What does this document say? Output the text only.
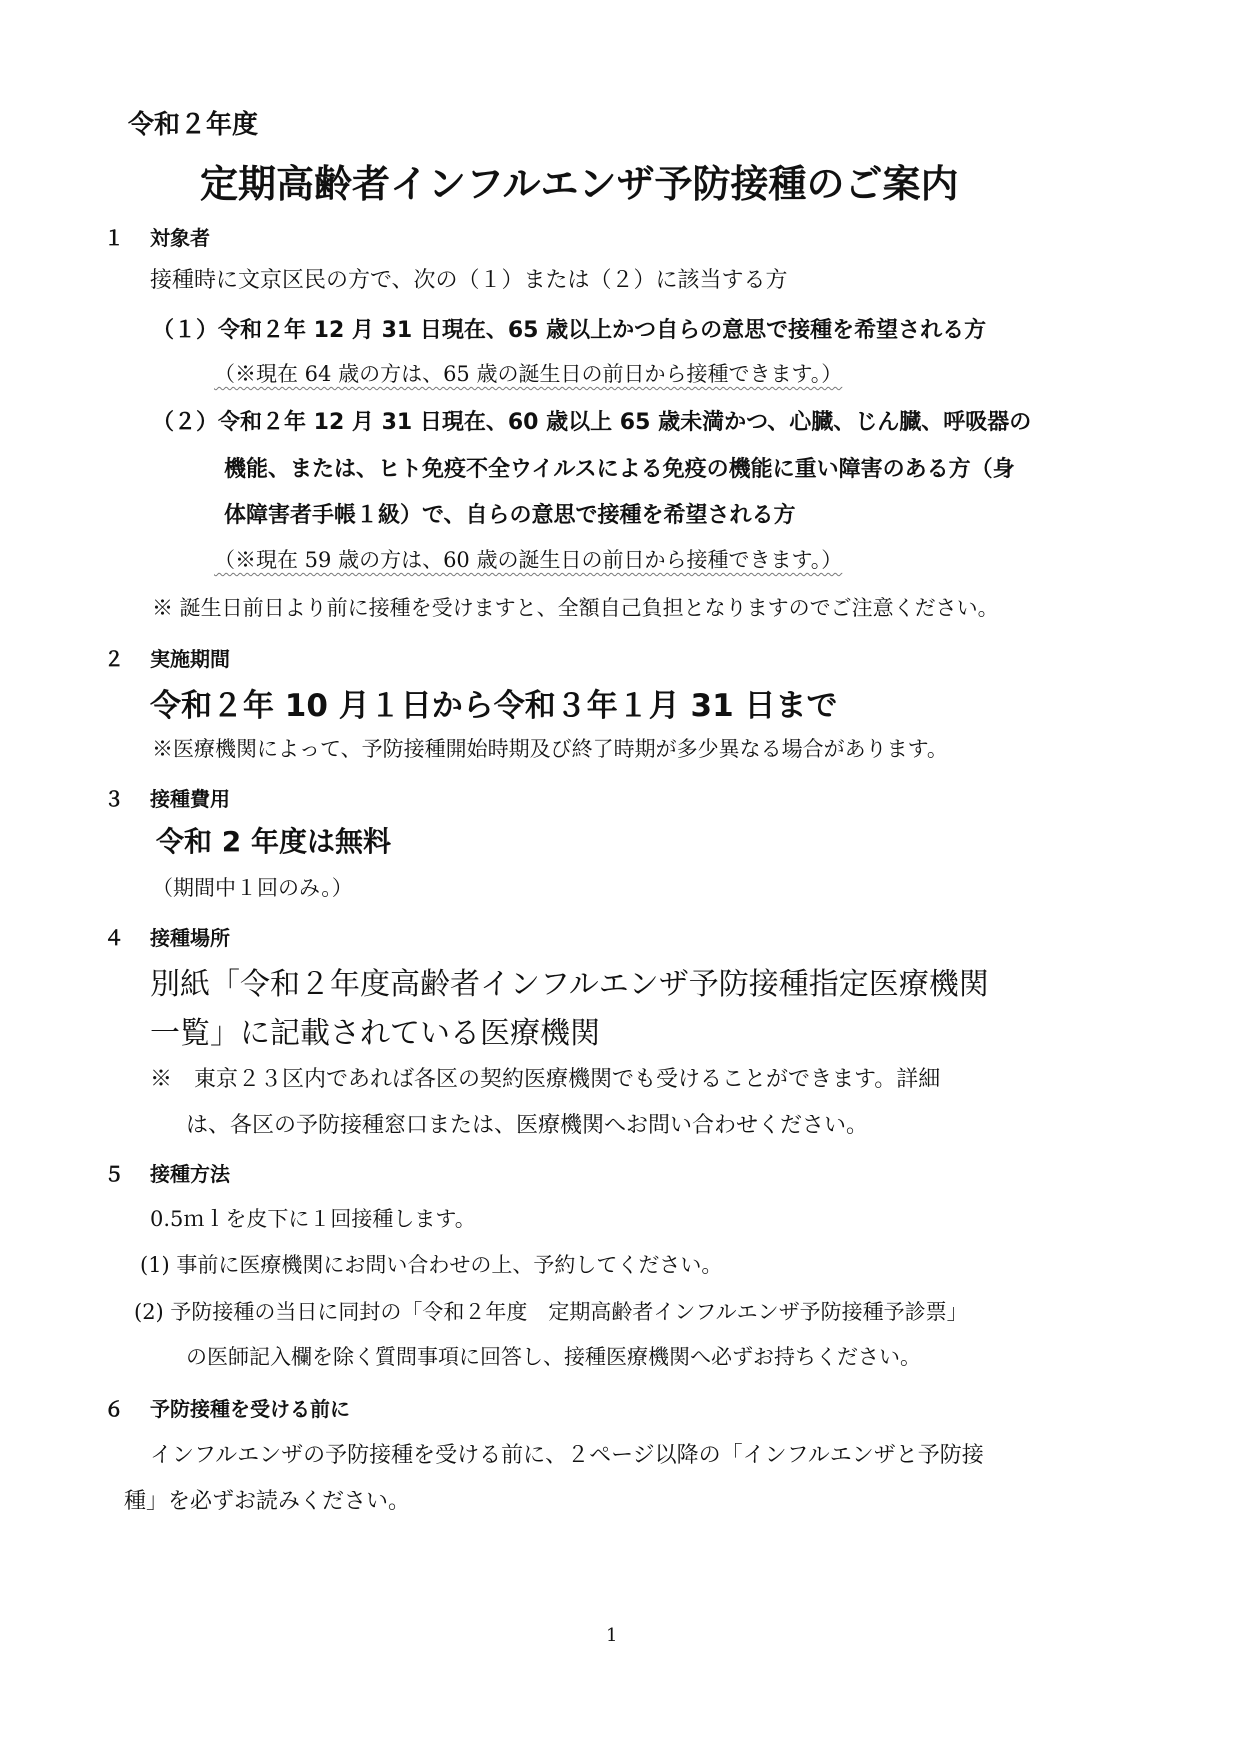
令和２年度
定期高齢者インフルエンザ予防接種のご案内
１ 対象者
接種時に文京区民の方で、次の（１）または（２）に該当する方
（１）令和２年 12 月 31 日現在、65 歳以上かつ自らの意思で接種を希望される方
（※現在 64 歳の方は、65 歳の誕生日の前日から接種できます。）
（２）令和２年 12 月 31 日現在、60 歳以上 65 歳未満かつ、心臓、じん臓、呼吸器の
機能、または、ヒト免疫不全ウイルスによる免疫の機能に重い障害のある方（身
体障害者手帳１級）で、自らの意思で接種を希望される方
（※現在 59 歳の方は、60 歳の誕生日の前日から接種できます。）
※ 誕生日前日より前に接種を受けますと、全額自己負担となりますのでご注意ください。
２ 実施期間
令和２年 10 月１日から令和３年１月 31 日まで
※医療機関によって、予防接種開始時期及び終了時期が多少異なる場合があります。
３ 接種費用
令和 2 年度は無料
（期間中１回のみ。）
４ 接種場所
別紙「令和２年度高齢者インフルエンザ予防接種指定医療機関
一覧」に記載されている医療機関
※　東京２３区内であれば各区の契約医療機関でも受けることができます。詳細
は、各区の予防接種窓口または、医療機関へお問い合わせください。
５ 接種方法
0.5ｍｌを皮下に１回接種します。
(1) 事前に医療機関にお問い合わせの上、予約してください。
(2) 予防接種の当日に同封の「令和２年度　定期高齢者インフルエンザ予防接種予診票」
の医師記入欄を除く質問事項に回答し、接種医療機関へ必ずお持ちください。
６ 予防接種を受ける前に
インフルエンザの予防接種を受ける前に、２ページ以降の「インフルエンザと予防接
種」を必ずお読みください。
1
